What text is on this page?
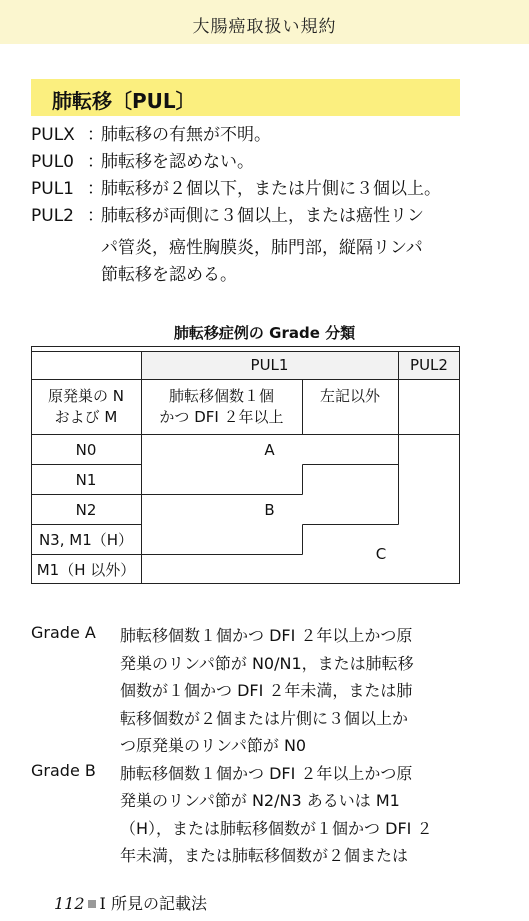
大腸癌取扱い規約
肺転移〔PUL〕
PULX ：肺転移の有無が不明。
PUL0 ：肺転移を認めない。
PUL1 ：肺転移が２個以下，または片側に３個以上。
PUL2 ：肺転移が両側に３個以上，または癌性リン
パ管炎，癌性胸膜炎，肺門部，縦隔リンパ
節転移を認める。
肺転移症例の Grade 分類
PUL1	PUL2
原発巣の N
および M
肺転移個数１個
かつ DFI ２年以上
左記以外
N0
N1
N2
N3, M1（H）
M1（H 以外）
A
B
C
Grade A 肺転移個数１個かつ DFI ２年以上かつ原
発巣のリンパ節が N0/N1，または肺転移
個数が１個かつ DFI ２年未満，または肺
転移個数が２個または片側に３個以上か
つ原発巣のリンパ節が N0
Grade B 肺転移個数１個かつ DFI ２年以上かつ原
発巣のリンパ節が N2/N3 あるいは M1
（H），または肺転移個数が１個かつ DFI ２
年未満，または肺転移個数が２個または
112 Ⅰ 所見の記載法
